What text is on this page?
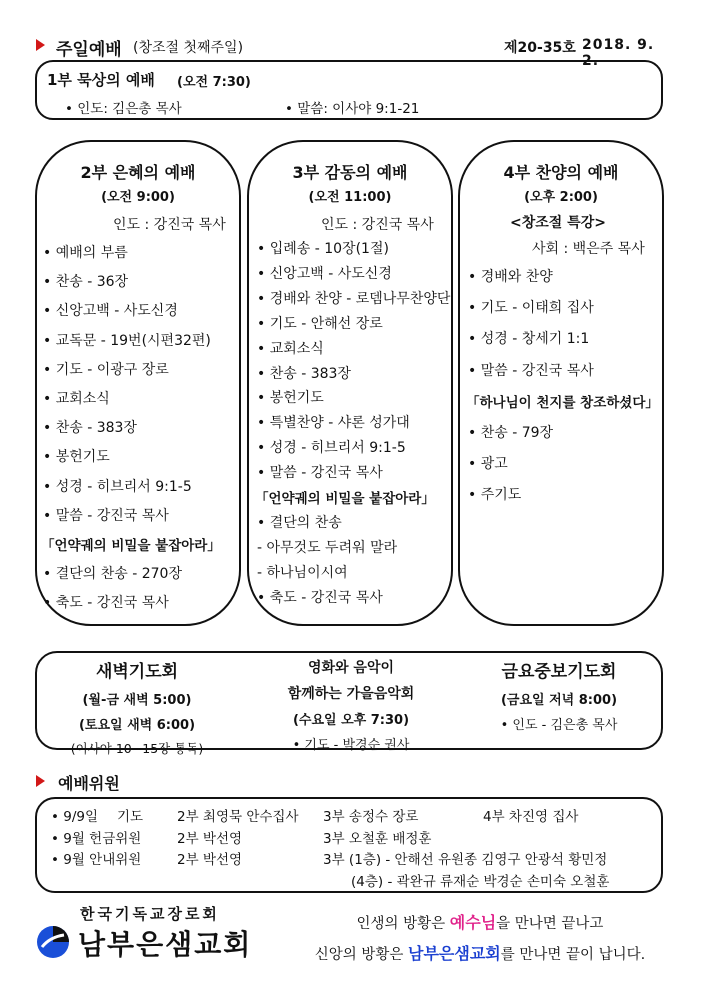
주일예배 (창조절 첫째주일)	제20-35호 2018. 9. 2.
1부 묵상의 예배 (오전 7:30)
• 인도: 김은총 목사	• 말씀: 이사야 9:1-21
2부 은혜의 예배
(오전 9:00)
인도 : 강진국 목사
• 예배의 부름
• 찬송 - 36장
• 신앙고백 - 사도신경
• 교독문 - 19번(시편32편)
• 기도 - 이광구 장로
• 교회소식
• 찬송 - 383장
• 봉헌기도
• 성경 - 히브리서 9:1-5
• 말씀 - 강진국 목사
「언약궤의 비밀을 붙잡아라」
• 결단의 찬송 - 270장
• 축도 - 강진국 목사
3부 감동의 예배
(오전 11:00)
인도 : 강진국 목사
• 입례송 - 10장(1절)
• 신앙고백 - 사도신경
• 경배와 찬양 - 로뎀나무찬양단
• 기도 - 안해선 장로
• 교회소식
• 찬송 - 383장
• 봉헌기도
• 특별찬양 - 샤론 성가대
• 성경 - 히브리서 9:1-5
• 말씀 - 강진국 목사
「언약궤의 비밀을 붙잡아라」
• 결단의 찬송
- 아무것도 두려워 말라
- 하나님이시여
• 축도 - 강진국 목사
4부 찬양의 예배
(오후 2:00)
<창조절 특강>
사회 : 백은주 목사
• 경배와 찬양
• 기도 - 이태희 집사
• 성경 - 창세기 1:1
• 말씀 - 강진국 목사
「하나님이 천지를 창조하셨다」
• 찬송 - 79장
• 광고
• 주기도
새벽기도회
(월-금 새벽 5:00)
(토요일 새벽 6:00)
(이사야 10~15장 통독)
영화와 음악이
함께하는 가을음악회
(수요일 오후 7:30)
• 기도 - 박경순 권사
금요중보기도회
(금요일 저녁 8:00)
• 인도 - 김은총 목사
예배위원
• 9/9일 기도	2부 최영묵 안수집사 3부 송정수 장로	4부 차진영 집사
• 9월 헌금위원	2부 박선영	3부 오철훈 배정훈
• 9월 안내위원	2부 박선영	3부 (1층) - 안해선 유원종 김영구 안광석 황민정
(4층) - 곽완규 류재순 박경순 손미숙 오철훈
한국기독교장로회
남부은샘교회
인생의 방황은 예수님을 만나면 끝나고
신앙의 방황은 남부은샘교회를 만나면 끝이 납니다.
